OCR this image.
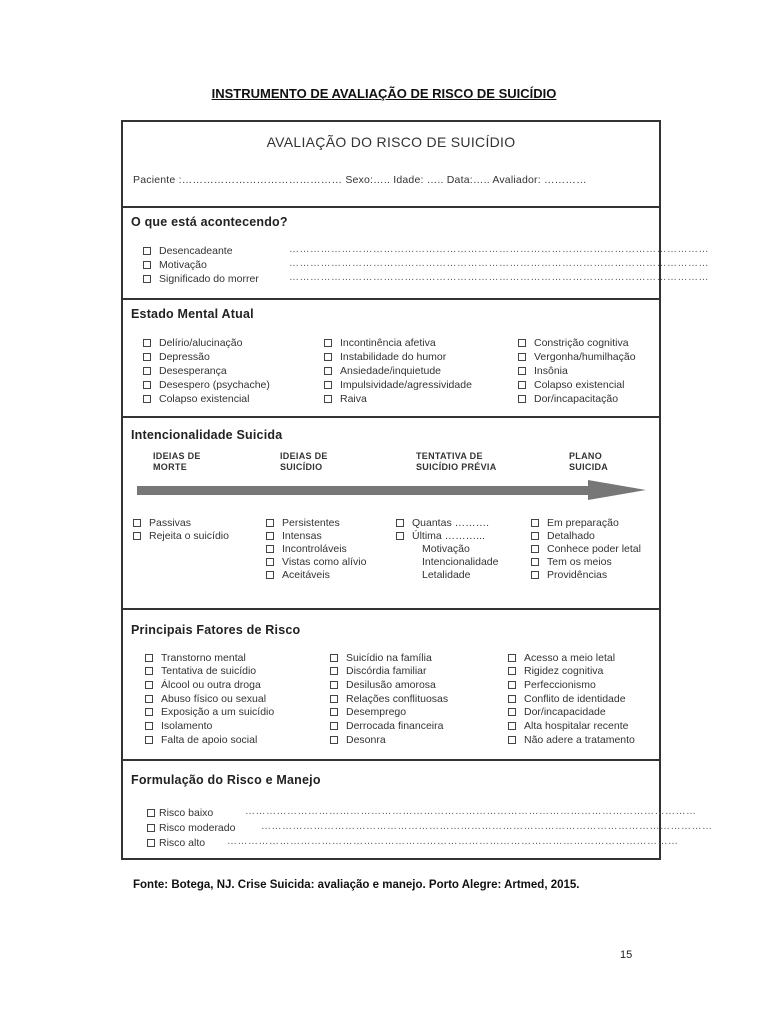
INSTRUMENTO DE AVALIAÇÃO DE RISCO DE SUICÍDIO
AVALIAÇÃO DO RISCO DE SUICÍDIO
Paciente :……………………………………… Sexo:….. Idade: ….. Data:….. Avaliador: …………
O que está acontecendo?
Desencadeante
Motivação
Significado do morrer
…………………………………………………………………………………………………………
…………………………………………………………………………………………………………
…………………………………………………………………………………………………………
Estado Mental Atual
Delírio/alucinação
Depressão
Desesperança
Desespero (psychache)
Colapso existencial
Incontinência afetiva
Instabilidade do humor
Ansiedade/inquietude
Impulsividade/agressividade
Raiva
Constrição cognitiva
Vergonha/humilhação
Insônia
Colapso existencial
Dor/incapacitação
Intencionalidade Suicida
IDEIAS DE
MORTE
IDEIAS DE
SUICÍDIO
TENTATIVA DE
SUICÍDIO PRÉVIA
PLANO
SUICIDA
Passivas
Rejeita o suicídio
Persistentes
Intensas
Incontroláveis
Vistas como alívio
Aceitáveis
Quantas ……….
Última ………...
Motivação
Intencionalidade
Letalidade
Em preparação
Detalhado
Conhece poder letal
Tem os meios
Providências
Principais Fatores de Risco
Transtorno mental
Tentativa de suicídio
Álcool ou outra droga
Abuso físico ou sexual
Exposição a um suicídio
Isolamento
Falta de apoio social
Suicídio na família
Discórdia familiar
Desilusão amorosa
Relações conflituosas
Desemprego
Derrocada financeira
Desonra
Acesso a meio letal
Rigidez cognitiva
Perfeccionismo
Conflito de identidade
Dor/incapacidade
Alta hospitalar recente
Não adere a tratamento
Formulação do Risco e Manejo
Risco baixo
Risco moderado
Risco alto
…………………………………………………………………………………………………………………
…………………………………………………………………………………………………………………
…………………………………………………………………………………………………………………
Fonte: Botega, NJ. Crise Suicida: avaliação e manejo. Porto Alegre: Artmed, 2015.
15
